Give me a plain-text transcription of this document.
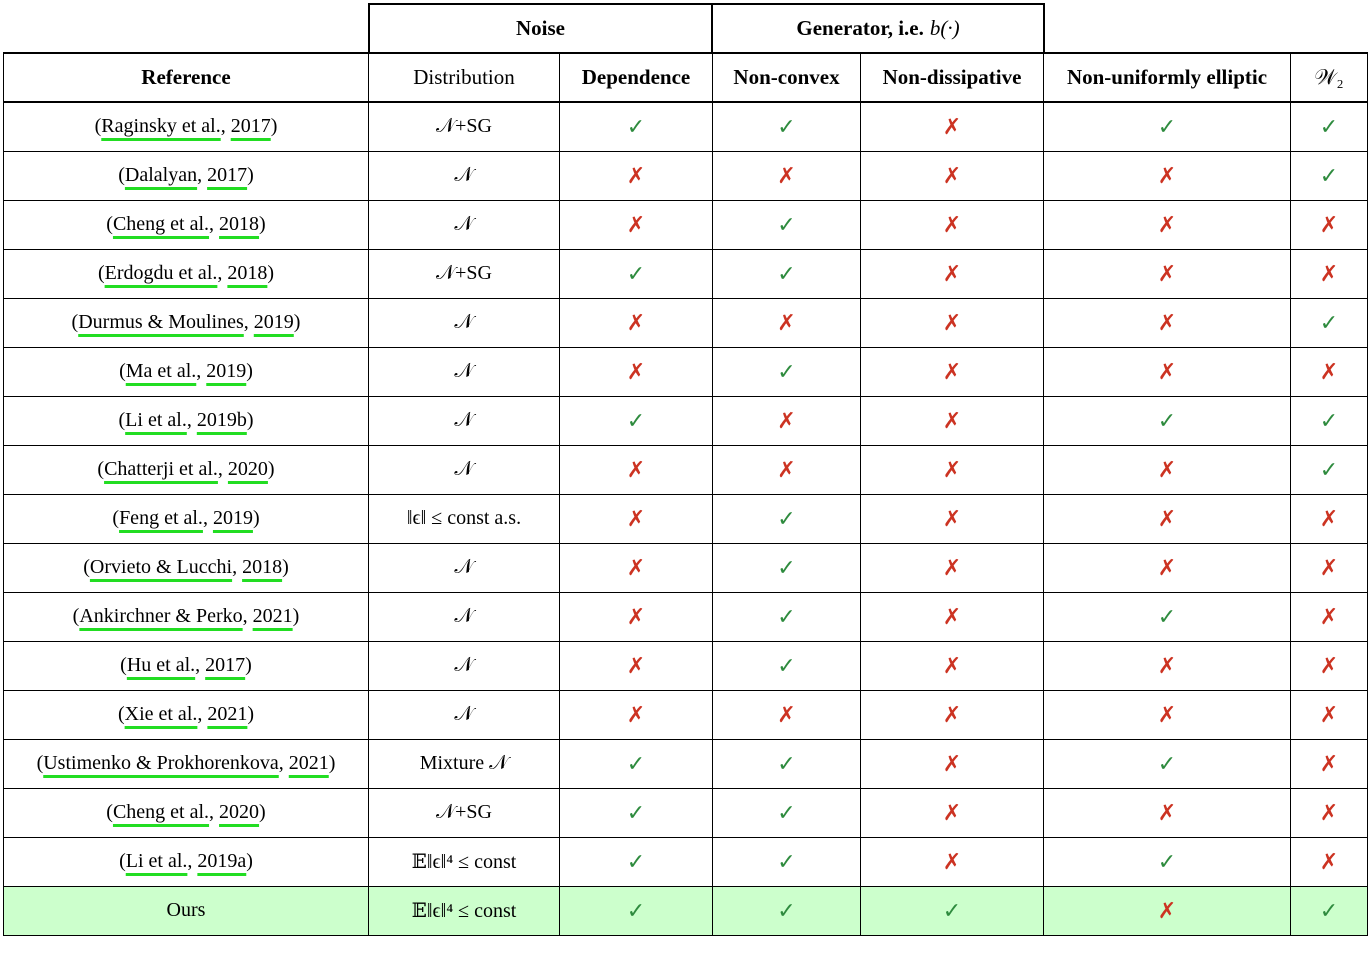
Noise	Generator, i.e. b(·)
Reference	Distribution	Dependence	Non-convex	Non-dissipative	Non-uniformly elliptic	𝒲₂
(Raginsky et al., 2017)	𝒩+SG	✓	✓	✗	✓	✓
(Dalalyan, 2017)	𝒩	✗	✗	✗	✗	✓
(Cheng et al., 2018)	𝒩	✗	✓	✗	✗	✗
(Erdogdu et al., 2018)	𝒩+SG	✓	✓	✗	✗	✗
(Durmus & Moulines, 2019)	𝒩	✗	✗	✗	✗	✓
(Ma et al., 2019)	𝒩	✗	✓	✗	✗	✗
(Li et al., 2019b)	𝒩	✓	✗	✗	✓	✓
(Chatterji et al., 2020)	𝒩	✗	✗	✗	✗	✓
(Feng et al., 2019)	‖ϵ‖ ≤ const a.s.	✗	✓	✗	✗	✗
(Orvieto & Lucchi, 2018)	𝒩	✗	✓	✗	✗	✗
(Ankirchner & Perko, 2021)	𝒩	✗	✓	✗	✓	✗
(Hu et al., 2017)	𝒩	✗	✓	✗	✗	✗
(Xie et al., 2021)	𝒩	✗	✗	✗	✗	✗
(Ustimenko & Prokhorenkova, 2021)	Mixture 𝒩	✓	✓	✗	✓	✗
(Cheng et al., 2020)	𝒩+SG	✓	✓	✗	✗	✗
(Li et al., 2019a)	𝔼‖ϵ‖⁴ ≤ const	✓	✓	✗	✓	✗
Ours	𝔼‖ϵ‖⁴ ≤ const	✓	✓	✓	✗	✓
